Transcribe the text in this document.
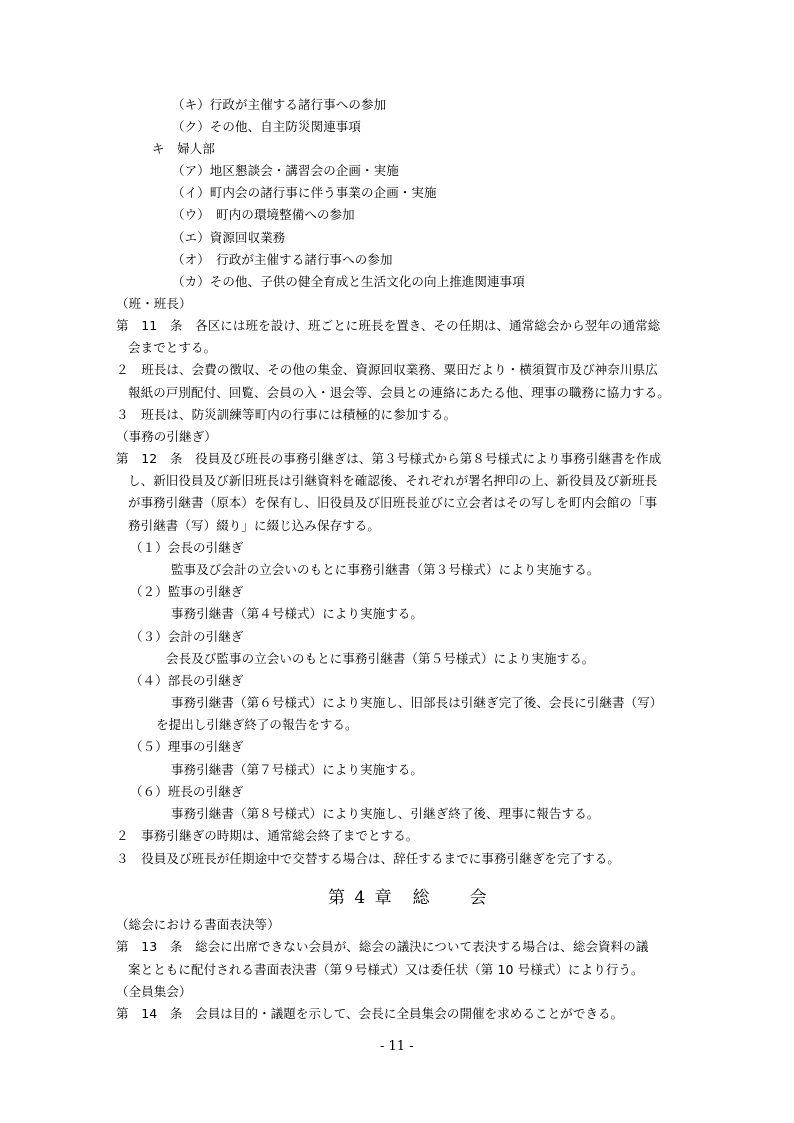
（キ）行政が主催する諸行事への参加
（ク）その他、自主防災関連事項
キ　婦人部
（ア）地区懇談会・講習会の企画・実施
（イ）町内会の諸行事に伴う事業の企画・実施
（ウ）　町内の環境整備への参加
（エ）資源回収業務
（オ）　行政が主催する諸行事への参加
（カ）その他、子供の健全育成と生活文化の向上推進関連事項
（班・班長）
第　11　条　各区には班を設け、班ごとに班長を置き、その任期は、通常総会から翌年の通常総
会までとする。
２　班長は、会費の徴収、その他の集金、資源回収業務、粟田だより・横須賀市及び神奈川県広
報紙の戸別配付、回覧、会員の入・退会等、会員との連絡にあたる他、理事の職務に協力する。
３　班長は、防災訓練等町内の行事には積極的に参加する。
（事務の引継ぎ）
第　12　条　役員及び班長の事務引継ぎは、第３号様式から第８号様式により事務引継書を作成
し、新旧役員及び新旧班長は引継資料を確認後、それぞれが署名押印の上、新役員及び新班長
が事務引継書（原本）を保有し、旧役員及び旧班長並びに立会者はその写しを町内会館の「事
務引継書（写）綴り」に綴じ込み保存する。
（１）会長の引継ぎ
監事及び会計の立会いのもとに事務引継書（第３号様式）により実施する。
（２）監事の引継ぎ
事務引継書（第４号様式）により実施する。
（３）会計の引継ぎ
会長及び監事の立会いのもとに事務引継書（第５号様式）により実施する。
（４）部長の引継ぎ
事務引継書（第６号様式）により実施し、旧部長は引継ぎ完了後、会長に引継書（写）
を提出し引継ぎ終了の報告をする。
（５）理事の引継ぎ
事務引継書（第７号様式）により実施する。
（６）班長の引継ぎ
事務引継書（第８号様式）により実施し、引継ぎ終了後、理事に報告する。
２　事務引継ぎの時期は、通常総会終了までとする。
３　役員及び班長が任期途中で交替する場合は、辞任するまでに事務引継ぎを完了する。
第 4 章　総　　会
（総会における書面表決等）
第　13　条　総会に出席できない会員が、総会の議決について表決する場合は、総会資料の議
案とともに配付される書面表決書（第９号様式）又は委任状（第 10 号様式）により行う。
（全員集会）
第　14　条　会員は目的・議題を示して、会長に全員集会の開催を求めることができる。
- 11 -
